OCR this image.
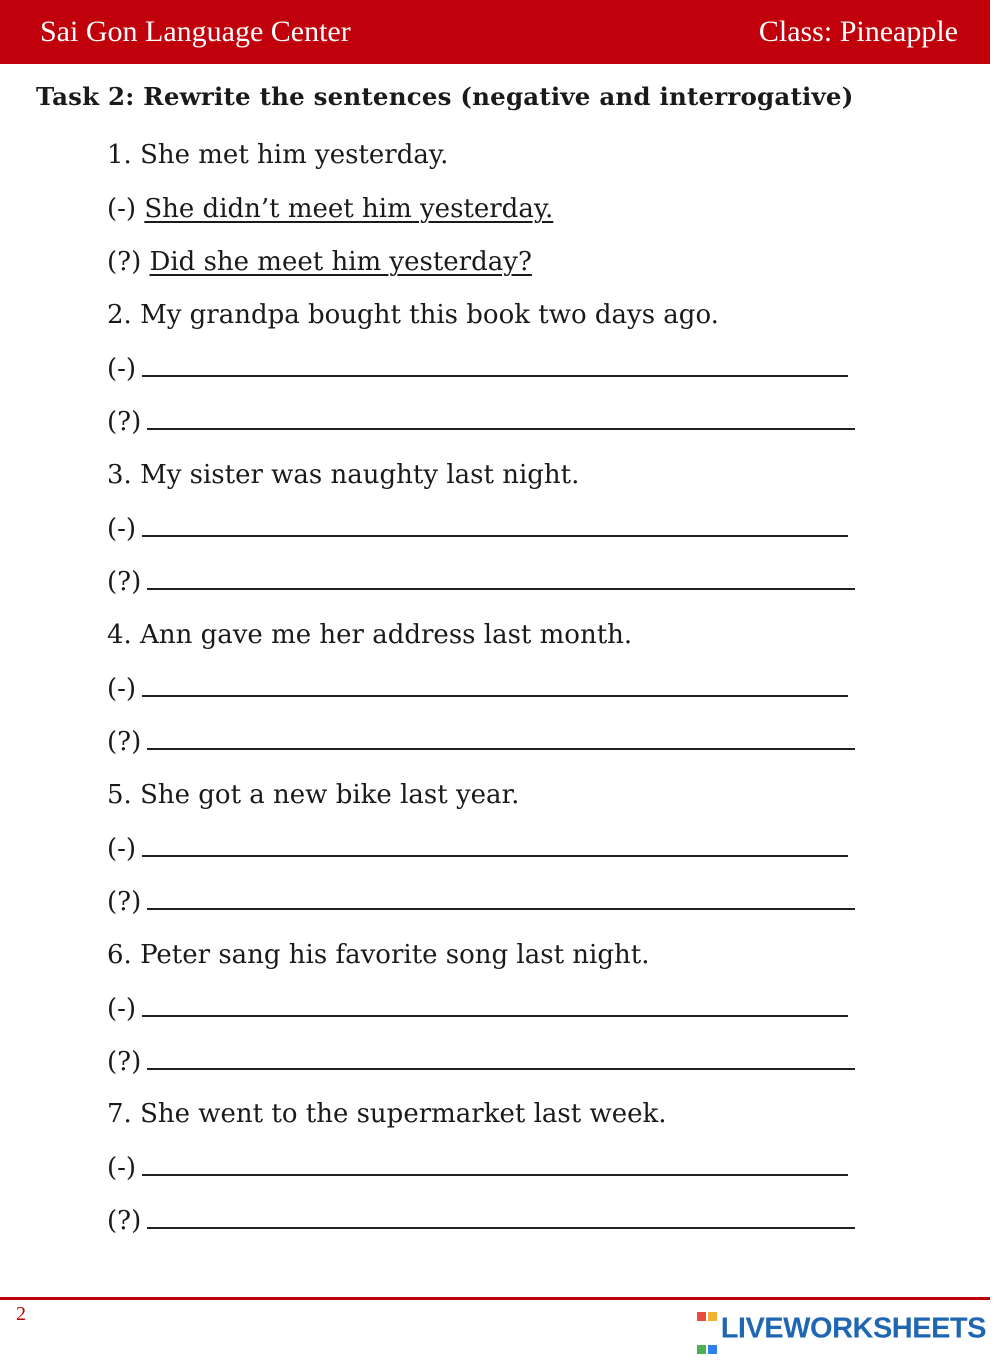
Sai Gon Language Center	Class: Pineapple
Task 2: Rewrite the sentences (negative and interrogative)
1. She met him yesterday.
(-) She didn’t meet him yesterday.
(?) Did she meet him yesterday?
2. My grandpa bought this book two days ago.
(-)
(?)
3. My sister was naughty last night.
(-)
(?)
4. Ann gave me her address last month.
(-)
(?)
5. She got a new bike last year.
(-)
(?)
6. Peter sang his favorite song last night.
(-)
(?)
7. She went to the supermarket last week.
(-)
(?)
2	LIVEWORKSHEETS
